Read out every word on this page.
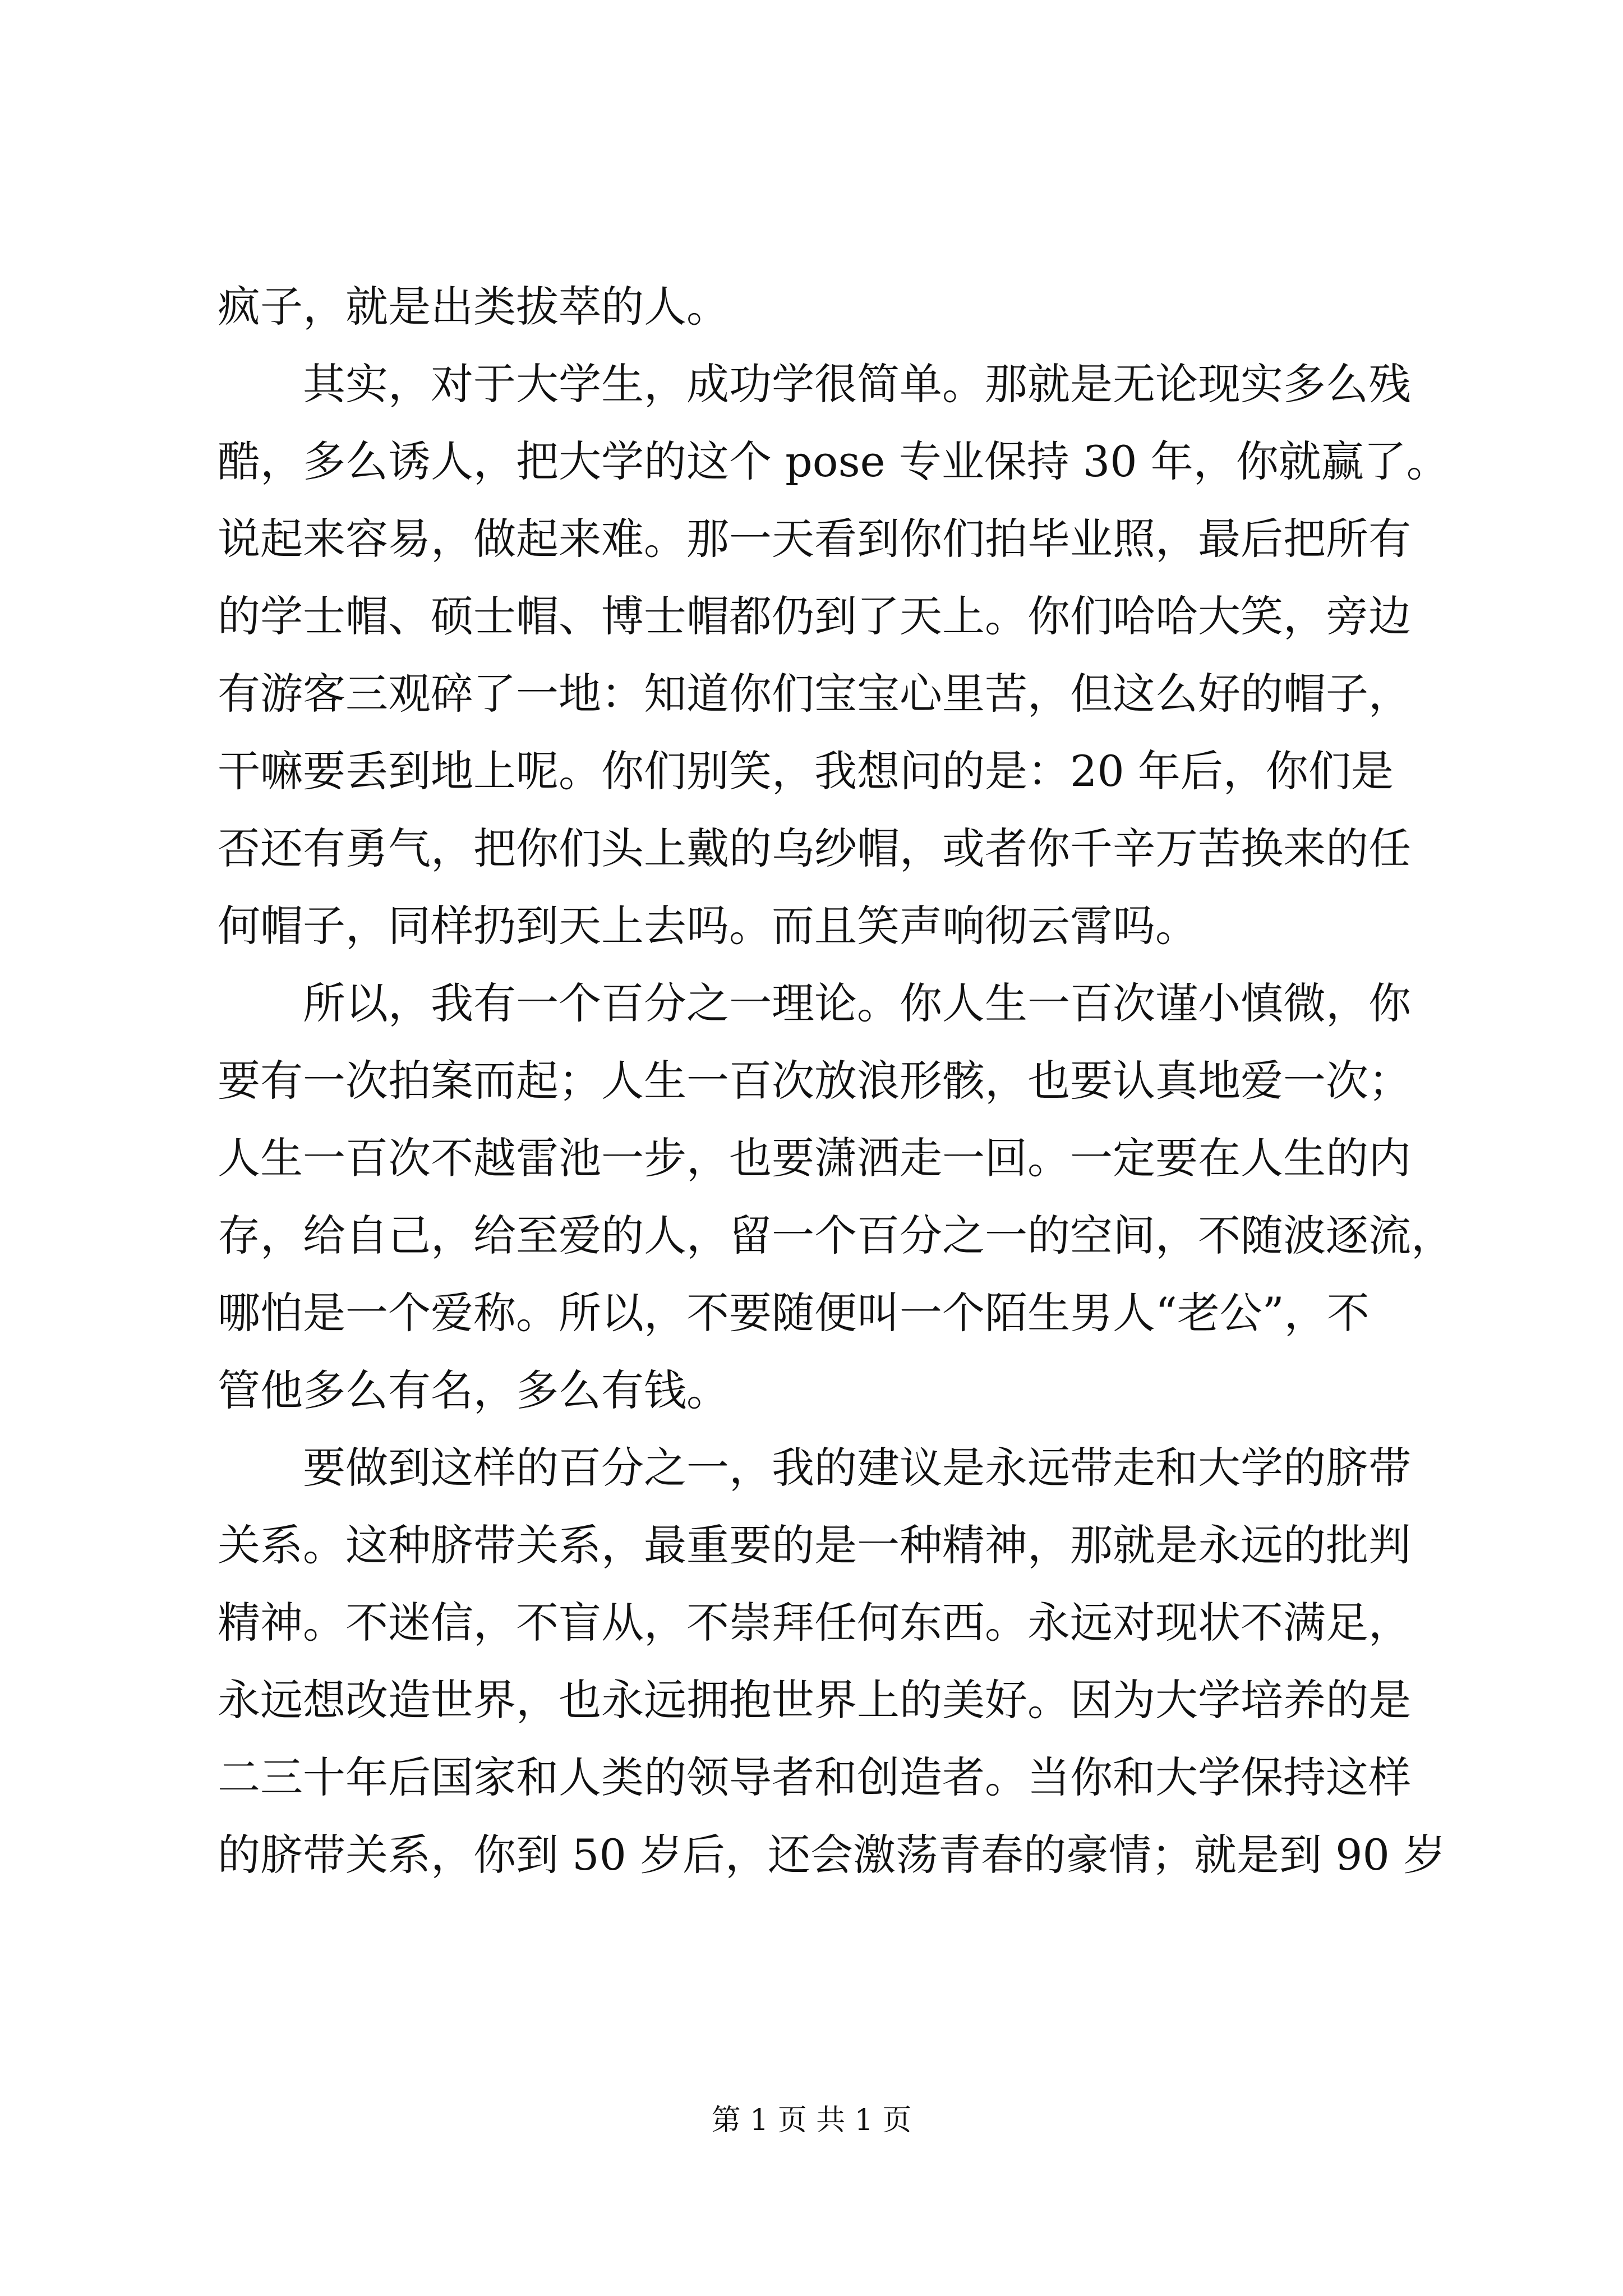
疯子，就是出类拔萃的人。
其实，对于大学生，成功学很简单。那就是无论现实多么残
酷，多么诱人，把大学的这个 pose 专业保持 30 年，你就赢了。
说起来容易，做起来难。那一天看到你们拍毕业照，最后把所有
的学士帽、硕士帽、博士帽都仍到了天上。你们哈哈大笑，旁边
有游客三观碎了一地：知道你们宝宝心里苦，但这么好的帽子，
干嘛要丢到地上呢。你们别笑，我想问的是：20 年后，你们是
否还有勇气，把你们头上戴的乌纱帽，或者你千辛万苦换来的任
何帽子，同样扔到天上去吗。而且笑声响彻云霄吗。
所以，我有一个百分之一理论。你人生一百次谨小慎微，你
要有一次拍案而起；人生一百次放浪形骸，也要认真地爱一次；
人生一百次不越雷池一步，也要潇洒走一回。一定要在人生的内
存，给自己，给至爱的人，留一个百分之一的空间，不随波逐流，
哪怕是一个爱称。所以，不要随便叫一个陌生男人“老公”，不
管他多么有名，多么有钱。
要做到这样的百分之一，我的建议是永远带走和大学的脐带
关系。这种脐带关系，最重要的是一种精神，那就是永远的批判
精神。不迷信，不盲从，不崇拜任何东西。永远对现状不满足，
永远想改造世界，也永远拥抱世界上的美好。因为大学培养的是
二三十年后国家和人类的领导者和创造者。当你和大学保持这样
的脐带关系，你到 50 岁后，还会激荡青春的豪情；就是到 90 岁
第 1 页 共 1 页
